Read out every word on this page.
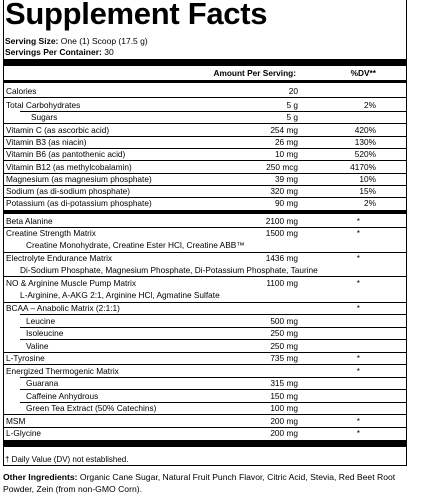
Supplement Facts
Serving Size: One (1) Scoop (17.5 g)
Servings Per Container: 30
Amount Per Serving:	%DV**
Calories	20
Total Carbohydrates	5 g	2%
Sugars	5 g
Vitamin C (as ascorbic acid)	254 mg	420%
Vitamin B3 (as niacin)	26 mg	130%
Vitamin B6 (as pantothenic acid)	10 mg	520%
Vitamin B12 (as methylcobalamin)	250 mcg	4170%
Magnesium (as magnesium phosphate)	39 mg	10%
Sodium (as di-sodium phosphate)	320 mg	15%
Potassium (as di-potassium phosphate)	90 mg	2%
Beta Alanine	2100 mg	*
Creatine Strength Matrix	1500 mg	*
Creatine Monohydrate, Creatine Ester HCl, Creatine ABB™
Electrolyte Endurance Matrix	1436 mg	*
Di-Sodium Phosphate, Magnesium Phosphate, Di-Potassium Phosphate, Taurine
NO & Arginine Muscle Pump Matrix	1100 mg	*
L-Arginine, A-AKG 2:1, Arginine HCl, Agmatine Sulfate
BCAA – Anabolic Matrix (2:1:1)	*
Leucine	500 mg
Isoleucine	250 mg
Valine	250 mg
L-Tyrosine	735 mg	*
Energized Thermogenic Matrix	*
Guarana	315 mg
Caffeine Anhydrous	150 mg
Green Tea Extract (50% Catechins)	100 mg
MSM	200 mg	*
L-Glycine	200 mg	*
† Daily Value (DV) not established.
Other Ingredients: Organic Cane Sugar, Natural Fruit Punch Flavor, Citric Acid, Stevia, Red Beet Root Powder, Zein (from non-GMO Corn).
